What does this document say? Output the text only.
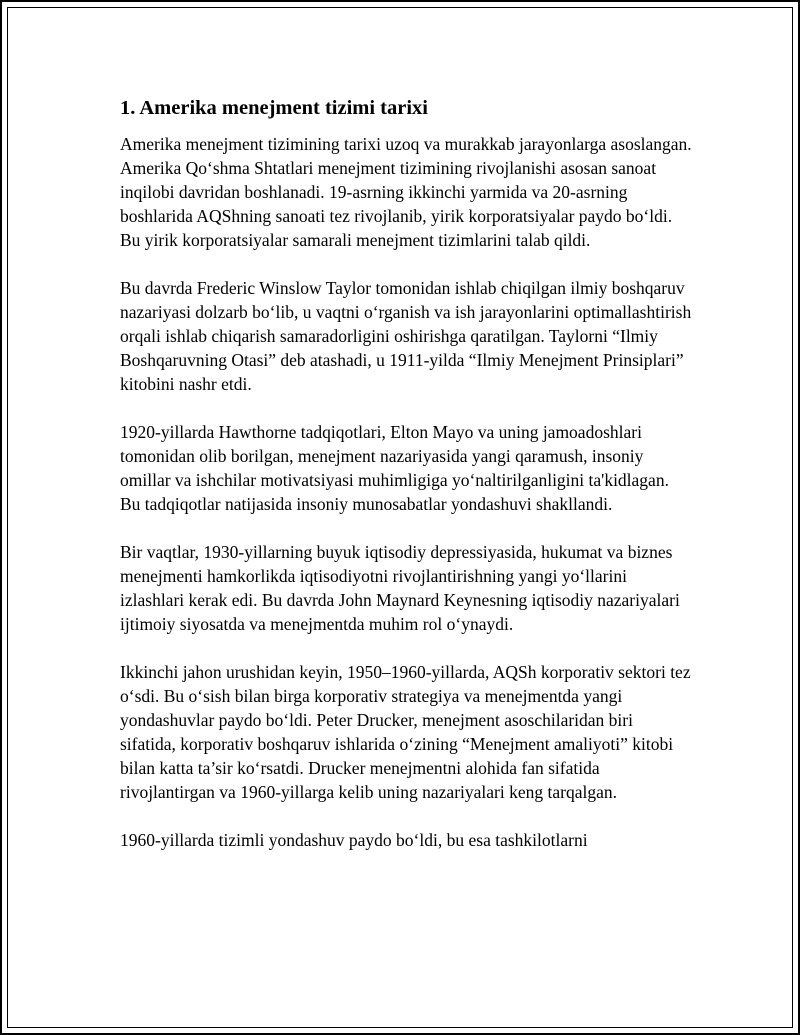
1. Amerika menejment tizimi tarixi

Amerika menejment tizimining tarixi uzoq va murakkab jarayonlarga asoslangan. Amerika Qo‘shma Shtatlari menejment tizimining rivojlanishi asosan sanoat inqilobi davridan boshlanadi. 19-asrning ikkinchi yarmida va 20-asrning boshlarida AQShning sanoati tez rivojlanib, yirik korporatsiyalar paydo bo‘ldi. Bu yirik korporatsiyalar samarali menejment tizimlarini talab qildi.

Bu davrda Frederic Winslow Taylor tomonidan ishlab chiqilgan ilmiy boshqaruv nazariyasi dolzarb bo‘lib, u vaqtni o‘rganish va ish jarayonlarini optimallashtirish orqali ishlab chiqarish samaradorligini oshirishga qaratilgan. Taylorni “Ilmiy Boshqaruvning Otasi” deb atashadi, u 1911-yilda “Ilmiy Menejment Prinsiplari” kitobini nashr etdi.

1920-yillarda Hawthorne tadqiqotlari, Elton Mayo va uning jamoadoshlari tomonidan olib borilgan, menejment nazariyasida yangi qaramush, insoniy omillar va ishchilar motivatsiyasi muhimligiga yo‘naltirilganligini ta'kidlagan. Bu tadqiqotlar natijasida insoniy munosabatlar yondashuvi shakllandi.

Bir vaqtlar, 1930-yillarning buyuk iqtisodiy depressiyasida, hukumat va biznes menejmenti hamkorlikda iqtisodiyotni rivojlantirishning yangi yo‘llarini izlashlari kerak edi. Bu davrda John Maynard Keynesning iqtisodiy nazariyalari ijtimoiy siyosatda va menejmentda muhim rol o‘ynaydi.

Ikkinchi jahon urushidan keyin, 1950–1960-yillarda, AQSh korporativ sektori tez o‘sdi. Bu o‘sish bilan birga korporativ strategiya va menejmentda yangi yondashuvlar paydo bo‘ldi. Peter Drucker, menejment asoschilaridan biri sifatida, korporativ boshqaruv ishlarida o‘zining “Menejment amaliyoti” kitobi bilan katta ta’sir ko‘rsatdi. Drucker menejmentni alohida fan sifatida rivojlantirgan va 1960-yillarga kelib uning nazariyalari keng tarqalgan.

1960-yillarda tizimli yondashuv paydo bo‘ldi, bu esa tashkilotlarni
